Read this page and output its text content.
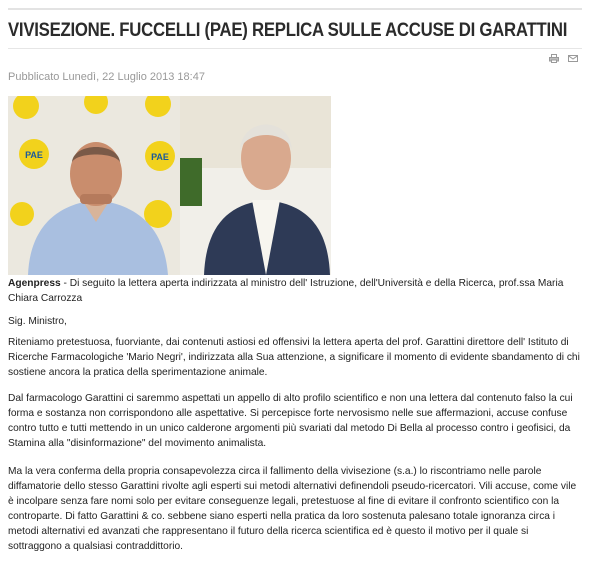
VIVISEZIONE. FUCCELLI (PAE) REPLICA SULLE ACCUSE DI GARATTINI
Pubblicato Lunedì, 22 Luglio 2013 18:47
PAE	PAE
Agenpress - Di seguito la lettera aperta indirizzata al ministro dell' Istruzione, dell'Università e della Ricerca, prof.ssa Maria Chiara Carrozza
Sig. Ministro,
Riteniamo pretestuosa, fuorviante, dai contenuti astiosi ed offensivi la lettera aperta del prof. Garattini direttore dell' Istituto di Ricerche Farmacologiche 'Mario Negri', indirizzata alla Sua attenzione, a significare il momento di evidente sbandamento di chi sostiene ancora la pratica della sperimentazione animale.
Dal farmacologo Garattini ci saremmo aspettati un appello di alto profilo scientifico e non una lettera dal contenuto falso la cui forma e sostanza non corrispondono alle aspettative. Si percepisce forte nervosismo nelle sue affermazioni, accuse confuse contro tutto e tutti mettendo in un unico calderone argomenti più svariati dal metodo Di Bella al processo contro i geofisici, da Stamina alla "disinformazione" del movimento animalista.
Ma la vera conferma della propria consapevolezza circa il fallimento della vivisezione (s.a.) lo riscontriamo nelle parole diffamatorie dello stesso Garattini rivolte agli esperti sui metodi alternativi definendoli pseudo-ricercatori. Vili accuse, come vile è incolpare senza fare nomi solo per evitare conseguenze legali, pretestuose al fine di evitare il confronto scientifico con la controparte. Di fatto Garattini & co. sebbene siano esperti nella pratica da loro sostenuta palesano totale ignoranza circa i metodi alternativi ed avanzati che rappresentano il futuro della ricerca scientifica ed è questo il motivo per il quale si sottraggono a qualsiasi contraddittorio.
